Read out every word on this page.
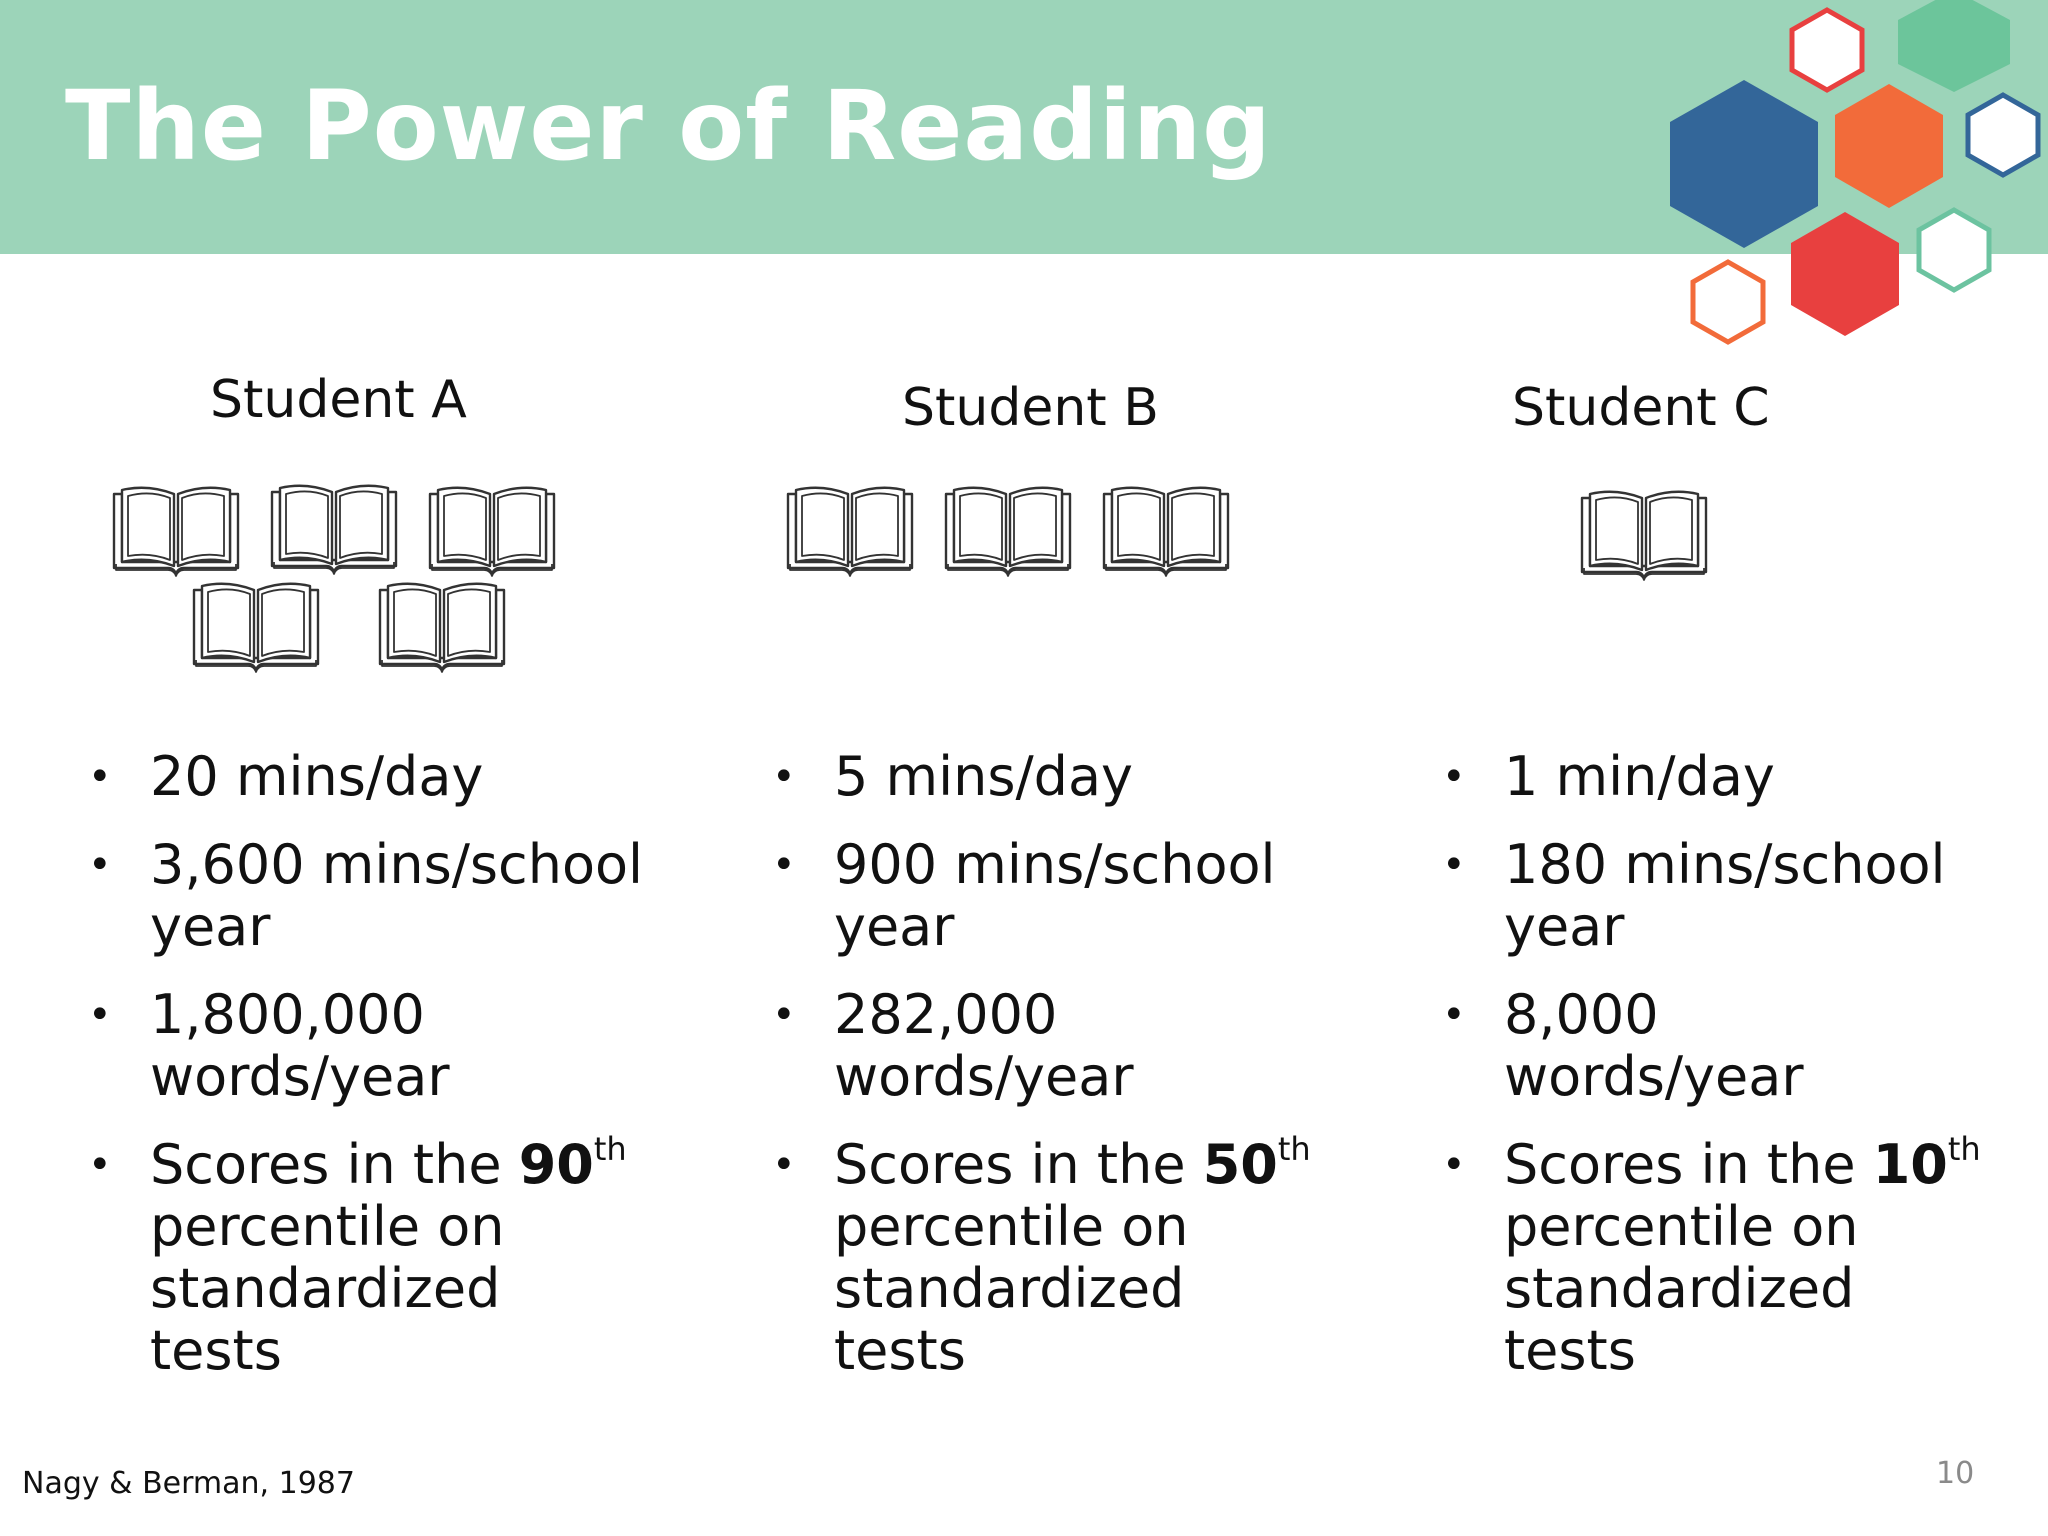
The Power of Reading
Student A	Student B	Student C
• 20 mins/day
• 3,600 mins/school
year
• 1,800,000
words/year
• Scores in the 90th
percentile on
standardized
tests
• 5 mins/day
• 900 mins/school
year
• 282,000
words/year
• Scores in the 50th
percentile on
standardized
tests
• 1 min/day
• 180 mins/school
year
• 8,000
words/year
• Scores in the 10th
percentile on
standardized
tests
Nagy & Berman, 1987	10
